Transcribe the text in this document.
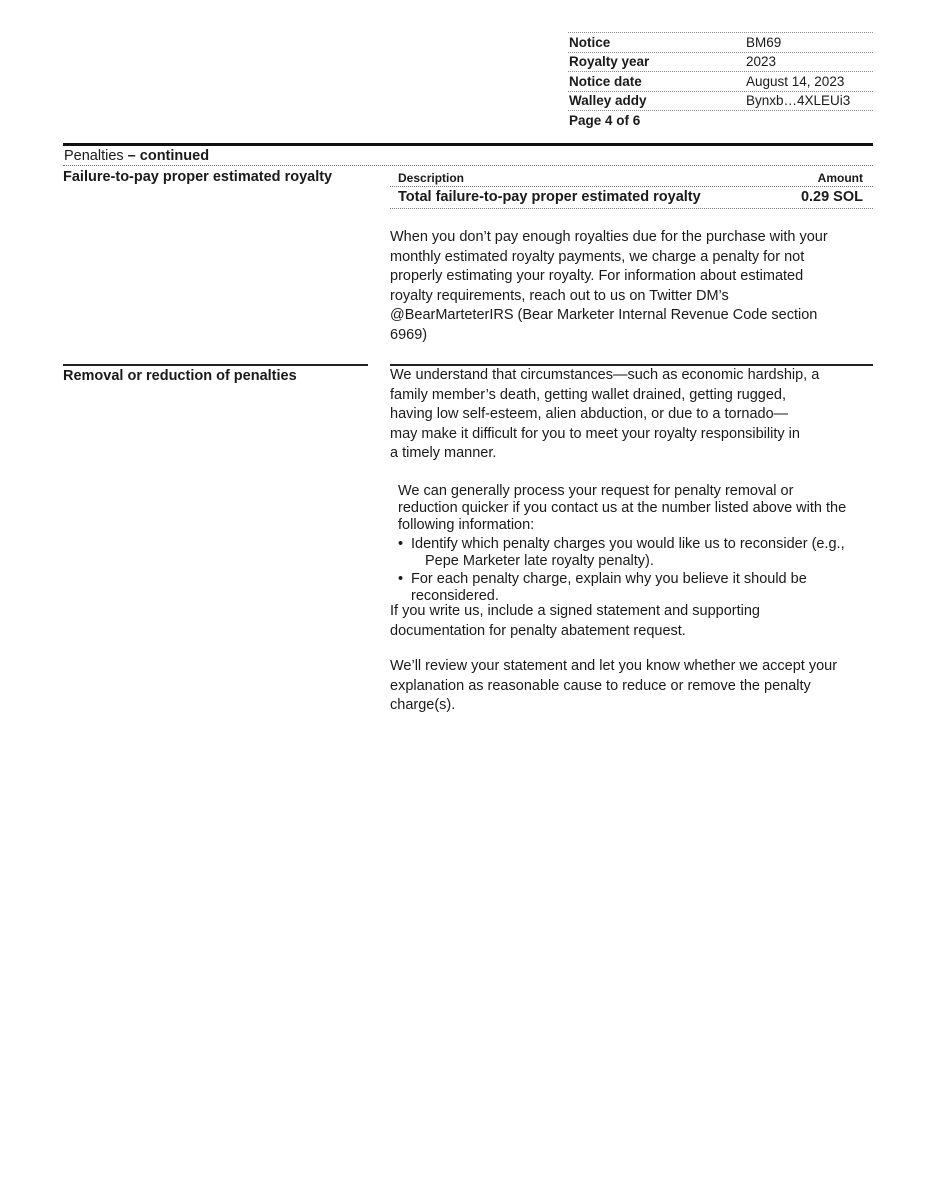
Notice	BM69
Royalty year	2023
Notice date	August 14, 2023
Walley addy	Bynxb…4XLEUi3
Page 4 of 6
Penalties – continued
Failure-to-pay proper estimated royalty	Description	Amount
Total failure-to-pay proper estimated royalty	0.29 SOL
When you don’t pay enough royalties due for the purchase with your
monthly estimated royalty payments, we charge a penalty for not
properly estimating your royalty. For information about estimated
royalty requirements, reach out to us on Twitter DM’s
@BearMarteterIRS (Bear Marketer Internal Revenue Code section
6969)
Removal or reduction of penalties	We understand that circumstances—such as economic hardship, a
family member’s death, getting wallet drained, getting rugged,
having low self-esteem, alien abduction, or due to a tornado—
may make it difficult for you to meet your royalty responsibility in
a timely manner.
We can generally process your request for penalty removal or
reduction quicker if you contact us at the number listed above with the
following information:
• Identify which penalty charges you would like us to reconsider (e.g.,
Pepe Marketer late royalty penalty).
• For each penalty charge, explain why you believe it should be
reconsidered.
If you write us, include a signed statement and supporting
documentation for penalty abatement request.
We’ll review your statement and let you know whether we accept your
explanation as reasonable cause to reduce or remove the penalty
charge(s).
